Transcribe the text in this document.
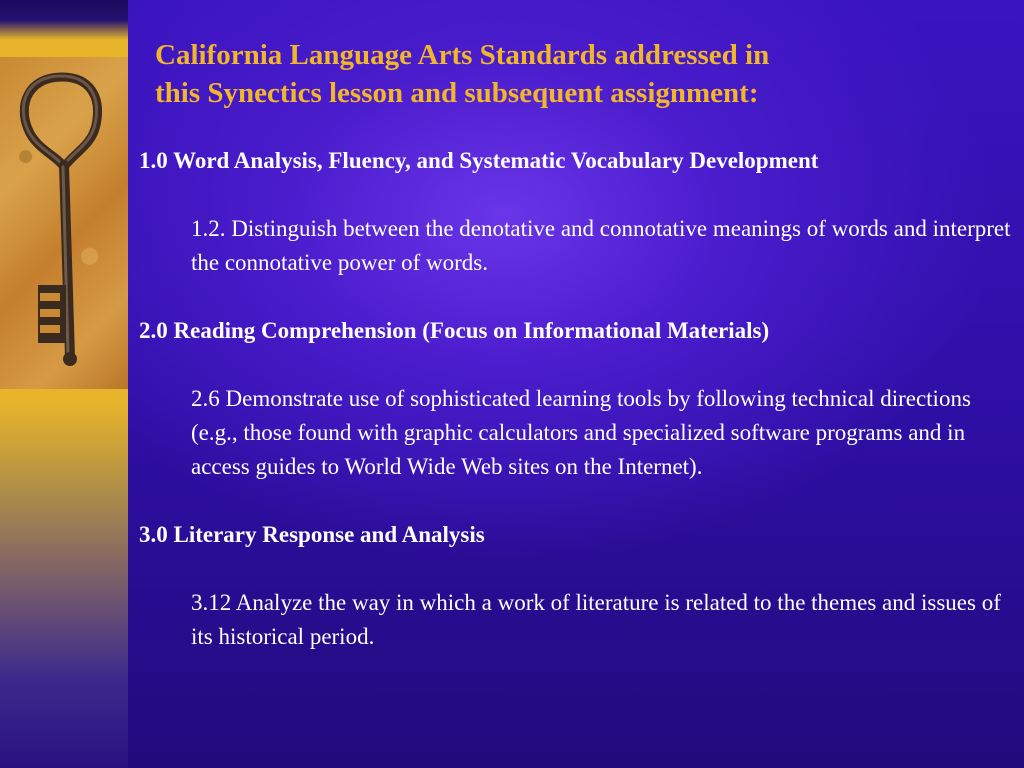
California Language Arts Standards addressed in
this Synectics lesson and subsequent assignment:

1.0 Word Analysis, Fluency, and Systematic Vocabulary Development

1.2. Distinguish between the denotative and connotative meanings of words and interpret the connotative power of words.

2.0 Reading Comprehension (Focus on Informational Materials)

2.6 Demonstrate use of sophisticated learning tools by following technical directions (e.g., those found with graphic calculators and specialized software programs and in access guides to World Wide Web sites on the Internet).

3.0 Literary Response and Analysis

3.12 Analyze the way in which a work of literature is related to the themes and issues of its historical period.
